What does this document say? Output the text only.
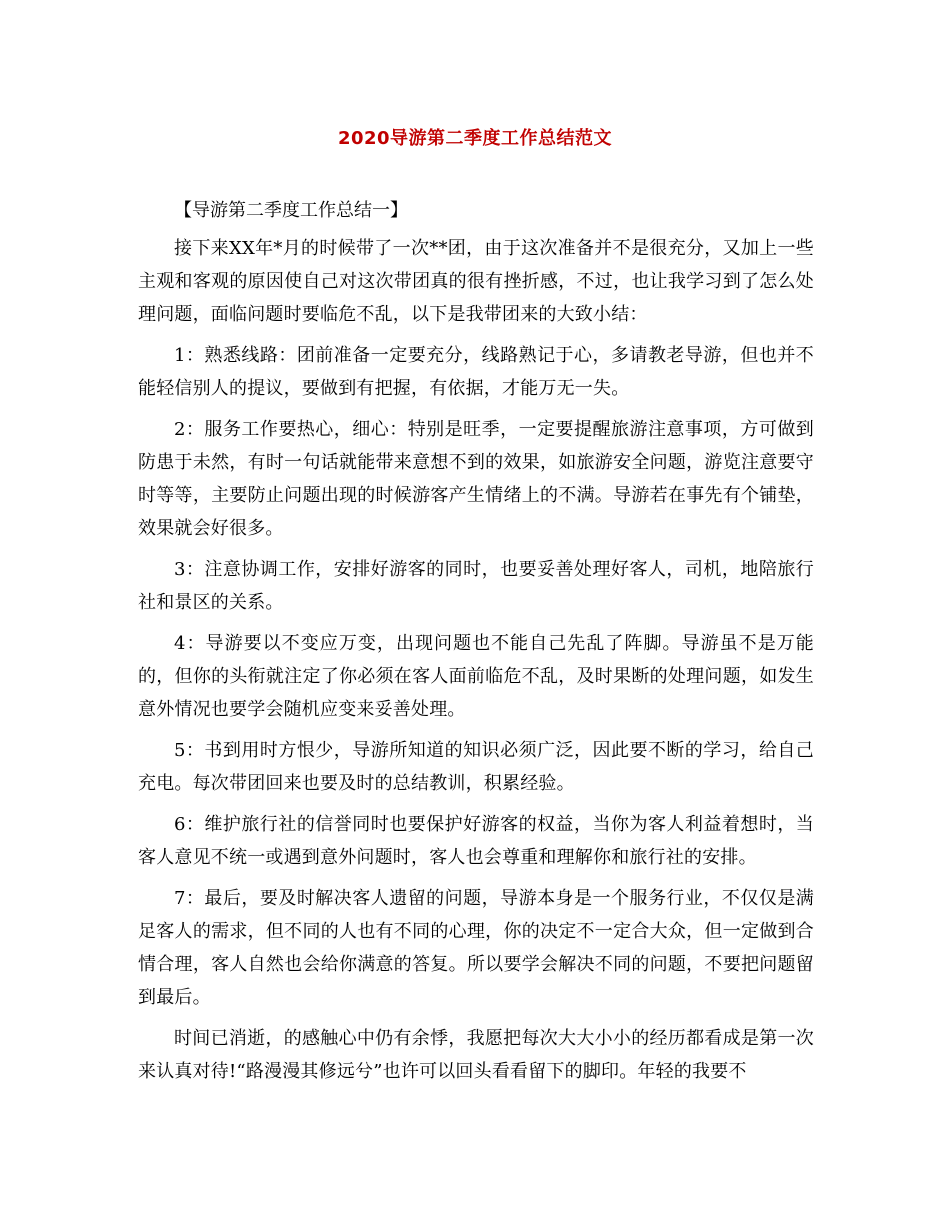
2020导游第二季度工作总结范文

【导游第二季度工作总结一】

接下来XX年*月的时候带了一次**团，由于这次准备并不是很充分，又加上一些主观和客观的原因使自己对这次带团真的很有挫折感，不过，也让我学习到了怎么处理问题，面临问题时要临危不乱，以下是我带团来的大致小结：

1：熟悉线路：团前准备一定要充分，线路熟记于心，多请教老导游，但也并不能轻信别人的提议，要做到有把握，有依据，才能万无一失。

2：服务工作要热心，细心：特别是旺季，一定要提醒旅游注意事项，方可做到防患于未然，有时一句话就能带来意想不到的效果，如旅游安全问题，游览注意要守时等等，主要防止问题出现的时候游客产生情绪上的不满。导游若在事先有个铺垫，效果就会好很多。

3：注意协调工作，安排好游客的同时，也要妥善处理好客人，司机，地陪旅行社和景区的关系。

4：导游要以不变应万变，出现问题也不能自己先乱了阵脚。导游虽不是万能的，但你的头衔就注定了你必须在客人面前临危不乱，及时果断的处理问题，如发生意外情况也要学会随机应变来妥善处理。

5：书到用时方恨少，导游所知道的知识必须广泛，因此要不断的学习，给自己充电。每次带团回来也要及时的总结教训，积累经验。

6：维护旅行社的信誉同时也要保护好游客的权益，当你为客人利益着想时，当客人意见不统一或遇到意外问题时，客人也会尊重和理解你和旅行社的安排。

7：最后，要及时解决客人遗留的问题，导游本身是一个服务行业，不仅仅是满足客人的需求，但不同的人也有不同的心理，你的决定不一定合大众，但一定做到合情合理，客人自然也会给你满意的答复。所以要学会解决不同的问题，不要把问题留到最后。

时间已消逝，的感触心中仍有余悸，我愿把每次大大小小的经历都看成是第一次来认真对待!“路漫漫其修远兮”也许可以回头看看留下的脚印。年轻的我要不
